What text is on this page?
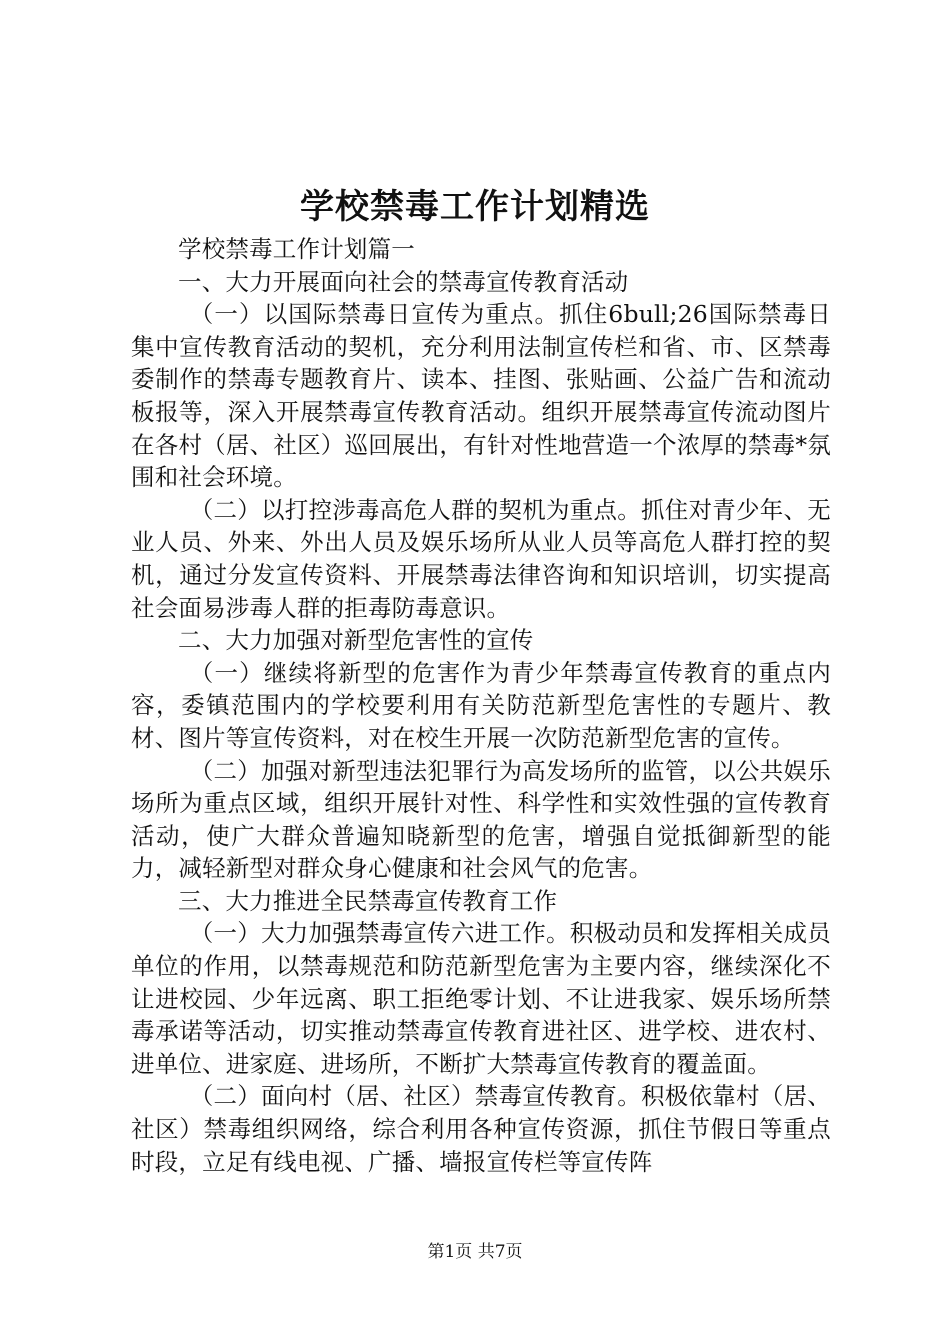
学校禁毒工作计划精选

学校禁毒工作计划篇一

一、大力开展面向社会的禁毒宣传教育活动

（一）以国际禁毒日宣传为重点。抓住6bull;26国际禁毒日集中宣传教育活动的契机，充分利用法制宣传栏和省、市、区禁毒委制作的禁毒专题教育片、读本、挂图、张贴画、公益广告和流动板报等，深入开展禁毒宣传教育活动。组织开展禁毒宣传流动图片在各村（居、社区）巡回展出，有针对性地营造一个浓厚的禁毒*氛围和社会环境。

（二）以打控涉毒高危人群的契机为重点。抓住对青少年、无业人员、外来、外出人员及娱乐场所从业人员等高危人群打控的契机，通过分发宣传资料、开展禁毒法律咨询和知识培训，切实提高社会面易涉毒人群的拒毒防毒意识。

二、大力加强对新型危害性的宣传

（一）继续将新型的危害作为青少年禁毒宣传教育的重点内容，委镇范围内的学校要利用有关防范新型危害性的专题片、教材、图片等宣传资料，对在校生开展一次防范新型危害的宣传。

（二）加强对新型违法犯罪行为高发场所的监管，以公共娱乐场所为重点区域，组织开展针对性、科学性和实效性强的宣传教育活动，使广大群众普遍知晓新型的危害，增强自觉抵御新型的能力，减轻新型对群众身心健康和社会风气的危害。

三、大力推进全民禁毒宣传教育工作

（一）大力加强禁毒宣传六进工作。积极动员和发挥相关成员单位的作用，以禁毒规范和防范新型危害为主要内容，继续深化不让进校园、少年远离、职工拒绝零计划、不让进我家、娱乐场所禁毒承诺等活动，切实推动禁毒宣传教育进社区、进学校、进农村、进单位、进家庭、进场所，不断扩大禁毒宣传教育的覆盖面。

（二）面向村（居、社区）禁毒宣传教育。积极依靠村（居、社区）禁毒组织网络，综合利用各种宣传资源，抓住节假日等重点时段，立足有线电视、广播、墙报宣传栏等宣传阵

第1页 共7页
